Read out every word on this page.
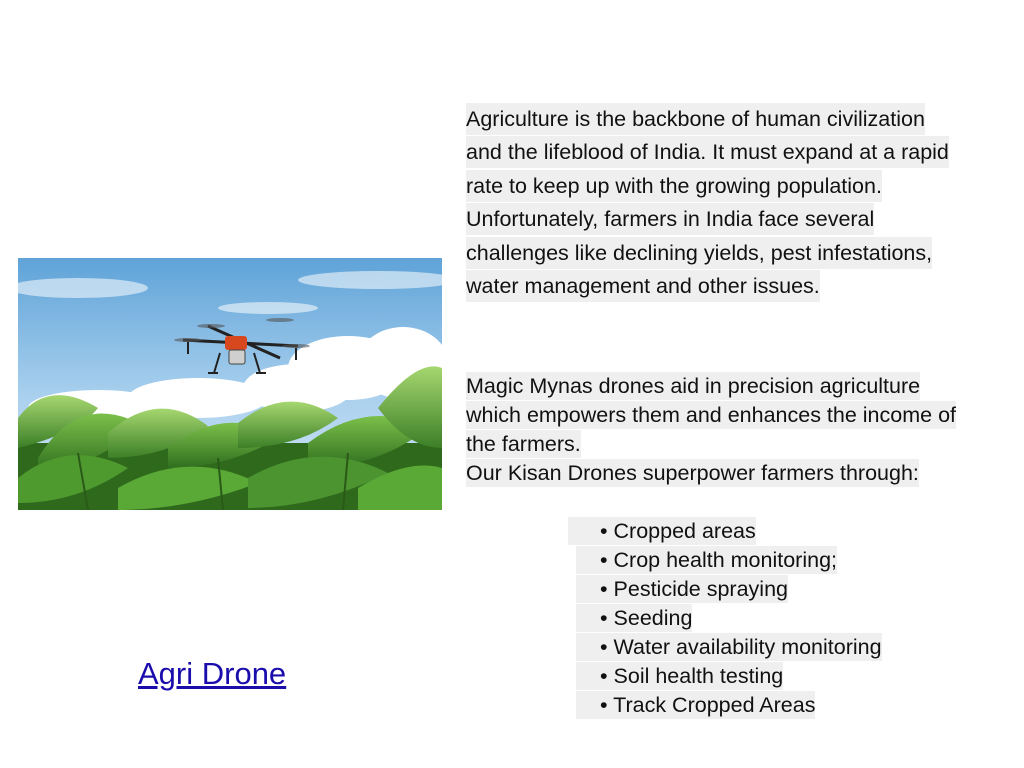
Agri Drone
Agriculture is the backbone of human civilization and the lifeblood of India. It must expand at a rapid rate to keep up with the growing population. Unfortunately, farmers in India face several challenges like declining yields, pest infestations, water management and other issues.
Magic Mynas drones aid in precision agriculture which empowers them and enhances the income of the farmers.
Our Kisan Drones superpower farmers through:
• Cropped areas
• Crop health monitoring;
• Pesticide spraying
• Seeding
• Water availability monitoring
• Soil health testing
• Track Cropped Areas
